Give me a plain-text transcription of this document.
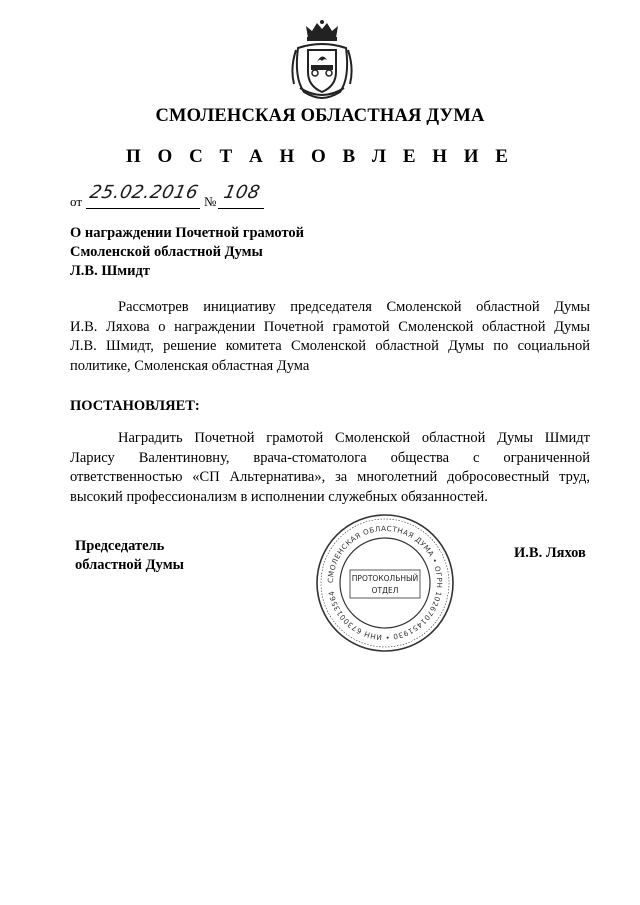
СМОЛЕНСКАЯ ОБЛАСТНАЯ ДУМА
П О С Т А Н О В Л Е Н И Е
от 25.02.2016 № 108
О награждении Почетной грамотой
Смоленской областной Думы
Л.В. Шмидт
Рассмотрев инициативу председателя Смоленской областной Думы
И.В. Ляхова о награждении Почетной грамотой Смоленской областной Думы
Л.В. Шмидт, решение комитета Смоленской областной Думы по социальной
политике, Смоленская областная Дума
ПОСТАНОВЛЯЕТ:
Наградить Почетной грамотой Смоленской областной Думы Шмидт
Ларису Валентиновну, врача-стоматолога общества с ограниченной
ответственностью «СП Альтернатива», за многолетний добросовестный труд,
высокий профессионализм в исполнении служебных обязанностей.
Председатель
областной Думы
И.В. Ляхов
СМОЛЕНСКАЯ ОБЛАСТНАЯ ДУМА • ОГРН 1026701451930 • ИНН 6730013564
ПРОТОКОЛЬНЫЙ
ОТДЕЛ
